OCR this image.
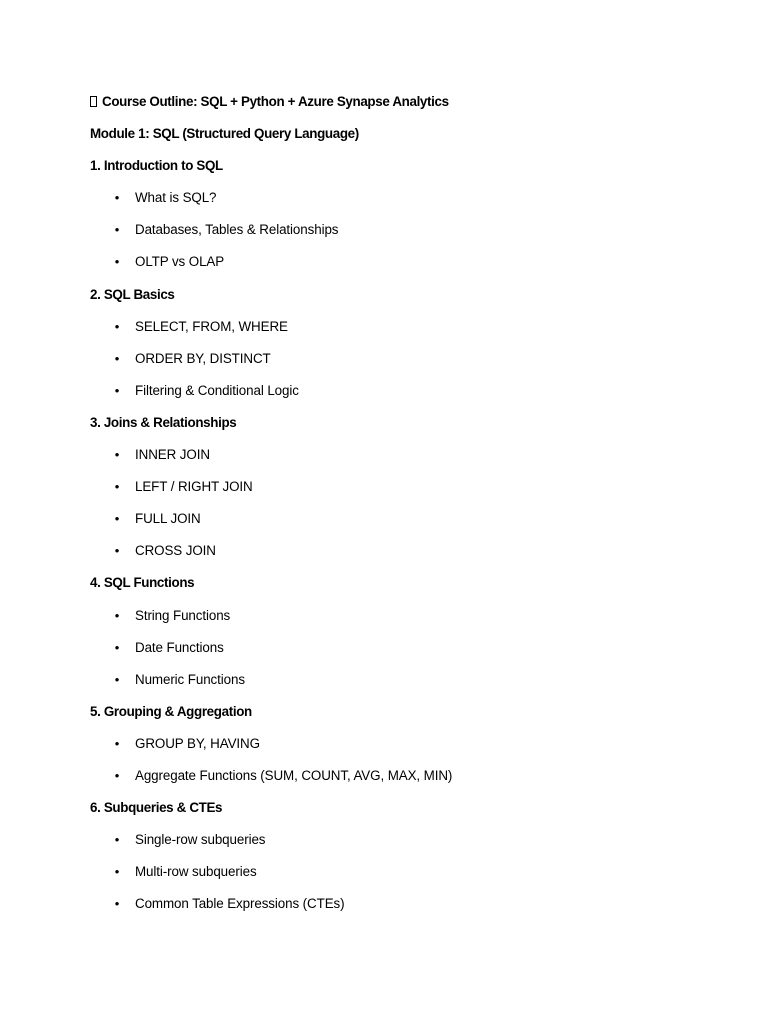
Course Outline: SQL + Python + Azure Synapse Analytics
Module 1: SQL (Structured Query Language)
1. Introduction to SQL
• What is SQL?
• Databases, Tables & Relationships
• OLTP vs OLAP
2. SQL Basics
• SELECT, FROM, WHERE
• ORDER BY, DISTINCT
• Filtering & Conditional Logic
3. Joins & Relationships
• INNER JOIN
• LEFT / RIGHT JOIN
• FULL JOIN
• CROSS JOIN
4. SQL Functions
• String Functions
• Date Functions
• Numeric Functions
5. Grouping & Aggregation
• GROUP BY, HAVING
• Aggregate Functions (SUM, COUNT, AVG, MAX, MIN)
6. Subqueries & CTEs
• Single-row subqueries
• Multi-row subqueries
• Common Table Expressions (CTEs)
